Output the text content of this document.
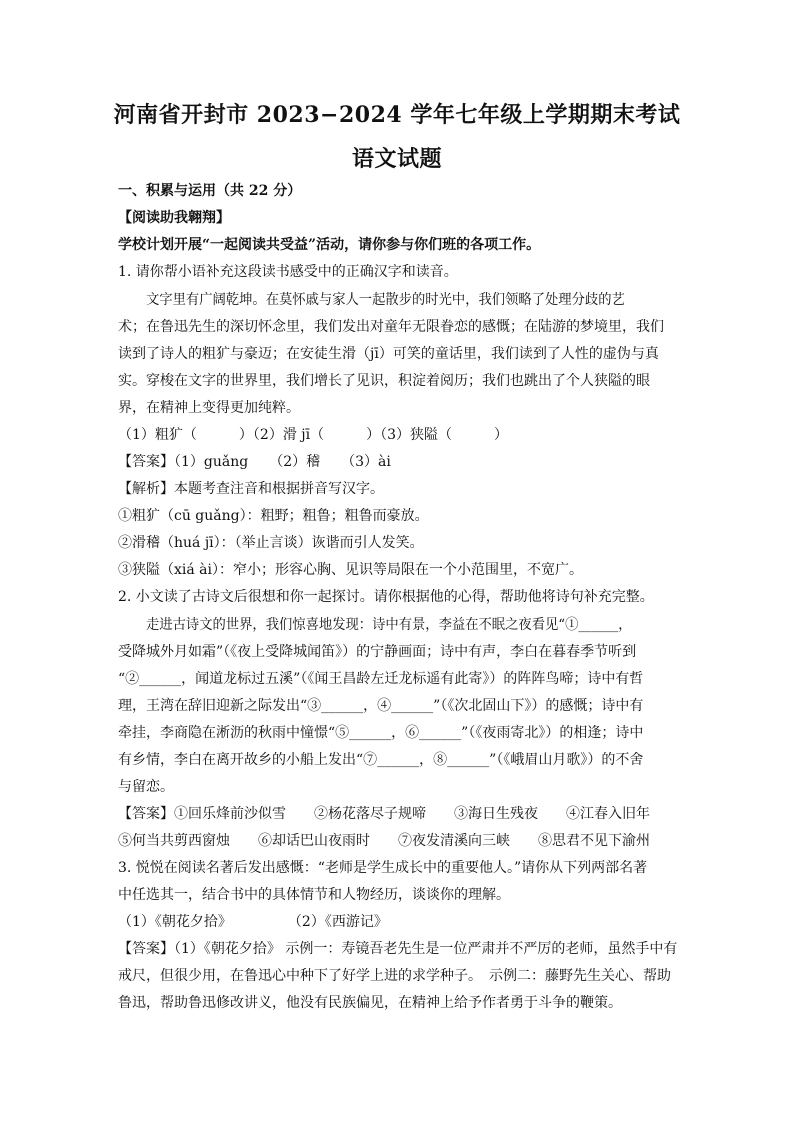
河南省开封市 2023−2024 学年七年级上学期期末考试
语文试题
一、积累与运用（共 22 分）
【阅读助我翱翔】
学校计划开展“一起阅读共受益”活动，请你参与你们班的各项工作。
1. 请你帮小语补充这段读书感受中的正确汉字和读音。
文字里有广阔乾坤。在莫怀戚与家人一起散步的时光中，我们领略了处理分歧的艺
术；在鲁迅先生的深切怀念里，我们发出对童年无限眷恋的感慨；在陆游的梦境里，我们
读到了诗人的粗犷与豪迈；在安徒生滑（jī）可笑的童话里，我们读到了人性的虚伪与真
实。穿梭在文字的世界里，我们增长了见识，积淀着阅历；我们也跳出了个人狭隘的眼
界，在精神上变得更加纯粹。
（1）粗犷（　　　）（2）滑 jī（　　　）（3）狭隘（　　　）
【答案】（1）guǎng　　（2）稽　　（3）ài
【解析】本题考查注音和根据拼音写汉字。
①粗犷（cū guǎng）：粗野；粗鲁；粗鲁而豪放。
②滑稽（huá jī）：（举止言谈）诙谐而引人发笑。
③狭隘（xiá ài）：窄小；形容心胸、见识等局限在一个小范围里，不宽广。
2. 小文读了古诗文后很想和你一起探讨。请你根据他的心得，帮助他将诗句补充完整。
走进古诗文的世界，我们惊喜地发现：诗中有景，李益在不眠之夜看见“①______，
受降城外月如霜”（《夜上受降城闻笛》）的宁静画面；诗中有声，李白在暮春季节听到
“②______，闻道龙标过五溪”（《闻王昌龄左迁龙标遥有此寄》）的阵阵鸟啼；诗中有哲
理，王湾在辞旧迎新之际发出“③______，④______”（《次北固山下》）的感慨；诗中有
牵挂，李商隐在淅沥的秋雨中憧憬“⑤______，⑥______”（《夜雨寄北》）的相逢；诗中
有乡情，李白在离开故乡的小船上发出“⑦______，⑧______”（《峨眉山月歌》）的不舍
与留恋。
【答案】①回乐烽前沙似雪　　②杨花落尽子规啼　　③海日生残夜　　④江春入旧年
⑤何当共剪西窗烛　　⑥却话巴山夜雨时　　⑦夜发清溪向三峡　　⑧思君不见下渝州
3. 悦悦在阅读名著后发出感慨：“老师是学生成长中的重要他人。”请你从下列两部名著
中任选其一，结合书中的具体情节和人物经历，谈谈你的理解。
（1）《朝花夕拾》　　　　　（2）《西游记》
【答案】（1）《朝花夕拾》 示例一：寿镜吾老先生是一位严肃并不严厉的老师，虽然手中有
戒尺，但很少用，在鲁迅心中种下了好学上进的求学种子。　示例二：藤野先生关心、帮助
鲁迅，帮助鲁迅修改讲义，他没有民族偏见，在精神上给予作者勇于斗争的鞭策。
